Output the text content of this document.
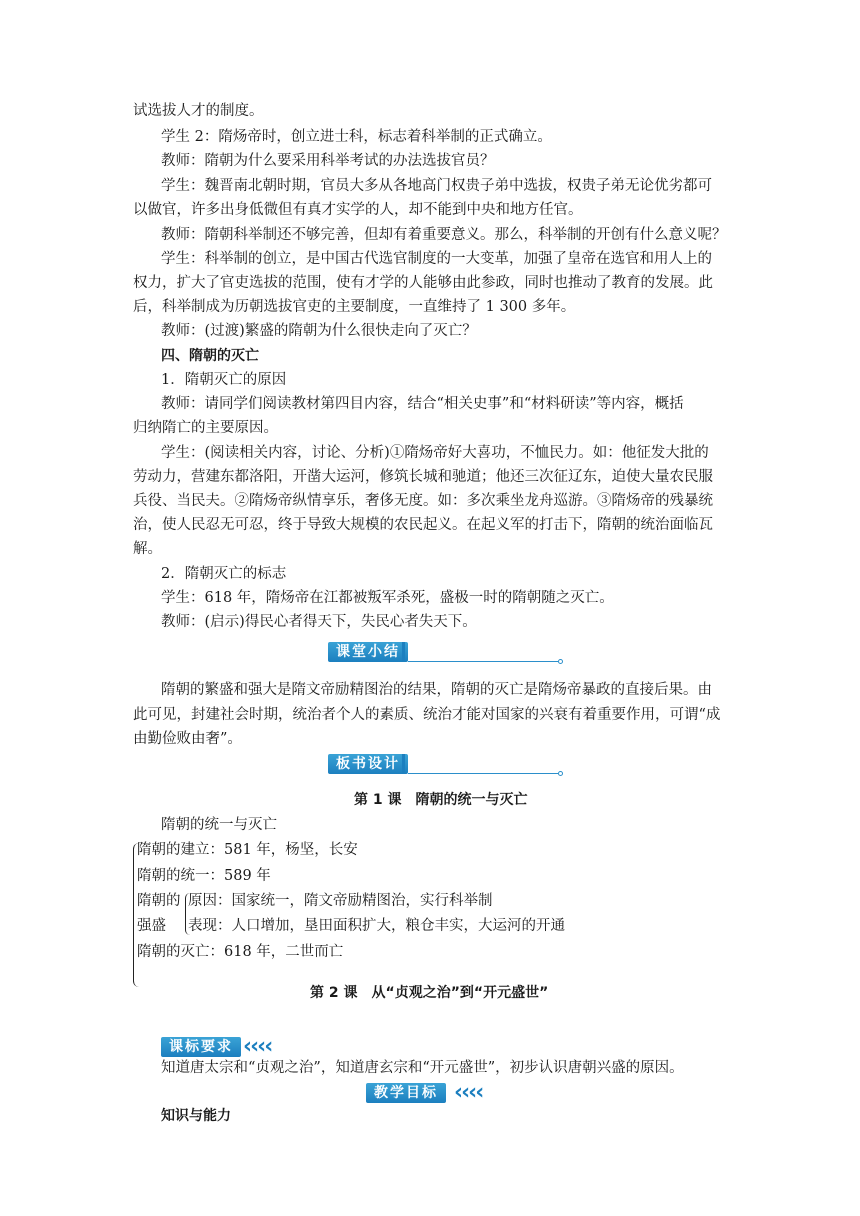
试选拔人才的制度。
学生 2：隋炀帝时，创立进士科，标志着科举制的正式确立。
教师：隋朝为什么要采用科举考试的办法选拔官员？
学生：魏晋南北朝时期，官员大多从各地高门权贵子弟中选拔，权贵子弟无论优劣都可
以做官，许多出身低微但有真才实学的人，却不能到中央和地方任官。
教师：隋朝科举制还不够完善，但却有着重要意义。那么，科举制的开创有什么意义呢？
学生：科举制的创立，是中国古代选官制度的一大变革，加强了皇帝在选官和用人上的
权力，扩大了官吏选拔的范围，使有才学的人能够由此参政，同时也推动了教育的发展。此
后，科举制成为历朝选拔官吏的主要制度，一直维持了 1 300 多年。
教师：(过渡)繁盛的隋朝为什么很快走向了灭亡？
四、隋朝的灭亡
1．隋朝灭亡的原因
教师：请同学们阅读教材第四目内容，结合“相关史事”和“材料研读”等内容，概括
归纳隋亡的主要原因。
学生：(阅读相关内容，讨论、分析)①隋炀帝好大喜功，不恤民力。如：他征发大批的
劳动力，营建东都洛阳，开凿大运河，修筑长城和驰道；他还三次征辽东，迫使大量农民服
兵役、当民夫。②隋炀帝纵情享乐，奢侈无度。如：多次乘坐龙舟巡游。③隋炀帝的残暴统
治，使人民忍无可忍，终于导致大规模的农民起义。在起义军的打击下，隋朝的统治面临瓦
解。
2．隋朝灭亡的标志
学生：618 年，隋炀帝在江都被叛军杀死，盛极一时的隋朝随之灭亡。
教师：(启示)得民心者得天下，失民心者失天下。
课堂小结
隋朝的繁盛和强大是隋文帝励精图治的结果，隋朝的灭亡是隋炀帝暴政的直接后果。由
此可见，封建社会时期，统治者个人的素质、统治才能对国家的兴衰有着重要作用，可谓“成
由勤俭败由奢”。
板书设计
第 1 课　隋朝的统一与灭亡
隋朝的统一与灭亡
隋朝的建立：581 年，杨坚，长安
隋朝的统一：589 年
隋朝的
强盛
原因：国家统一，隋文帝励精图治，实行科举制
表现：人口增加，垦田面积扩大，粮仓丰实，大运河的开通
隋朝的灭亡：618 年，二世而亡
第 2 课　从“贞观之治”到“开元盛世”
课标要求 ‹‹‹‹
知道唐太宗和“贞观之治”，知道唐玄宗和“开元盛世”，初步认识唐朝兴盛的原因。
教学目标 ‹‹‹‹
知识与能力
